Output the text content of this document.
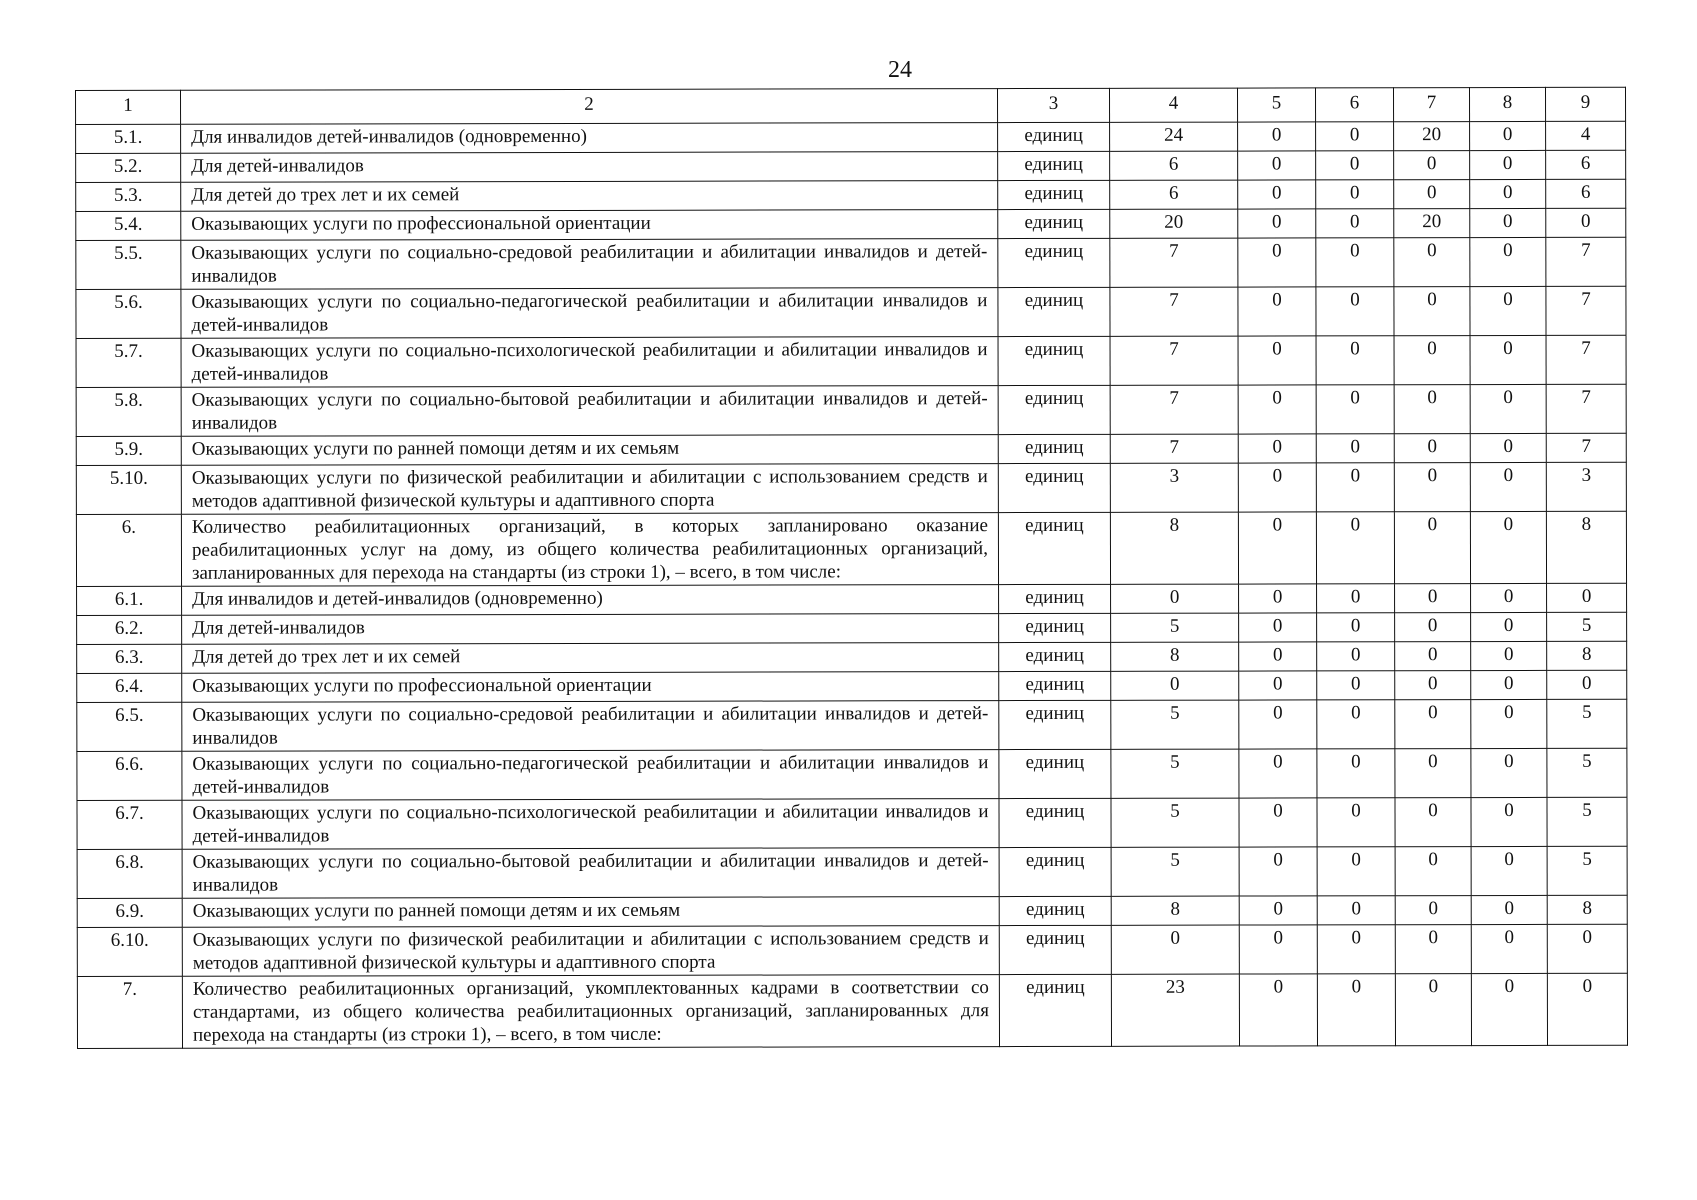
24
1	2	3	4	5	6	7	8	9
5.1.	Для инвалидов детей-инвалидов (одновременно)	единиц	24	0	0	20	0	4
5.2.	Для детей-инвалидов	единиц	6	0	0	0	0	6
5.3.	Для детей до трех лет и их семей	единиц	6	0	0	0	0	6
5.4.	Оказывающих услуги по профессиональной ориентации	единиц	20	0	0	20	0	0
5.5.	Оказывающих услуги по социально-средовой реабилитации и абилитации инвалидов и детей-инвалидов	единиц	7	0	0	0	0	7
5.6.	Оказывающих услуги по социально-педагогической реабилитации и абилитации инвалидов и детей-инвалидов	единиц	7	0	0	0	0	7
5.7.	Оказывающих услуги по социально-психологической реабилитации и абилитации инвалидов и детей-инвалидов	единиц	7	0	0	0	0	7
5.8.	Оказывающих услуги по социально-бытовой реабилитации и абилитации инвалидов и детей-инвалидов	единиц	7	0	0	0	0	7
5.9.	Оказывающих услуги по ранней помощи детям и их семьям	единиц	7	0	0	0	0	7
5.10.	Оказывающих услуги по физической реабилитации и абилитации с использованием средств и методов адаптивной физической культуры и адаптивного спорта	единиц	3	0	0	0	0	3
6.	Количество реабилитационных организаций, в которых запланировано оказание реабилитационных услуг на дому, из общего количества реабилитационных организаций, запланированных для перехода на стандарты (из строки 1), – всего, в том числе:	единиц	8	0	0	0	0	8
6.1.	Для инвалидов и детей-инвалидов (одновременно)	единиц	0	0	0	0	0	0
6.2.	Для детей-инвалидов	единиц	5	0	0	0	0	5
6.3.	Для детей до трех лет и их семей	единиц	8	0	0	0	0	8
6.4.	Оказывающих услуги по профессиональной ориентации	единиц	0	0	0	0	0	0
6.5.	Оказывающих услуги по социально-средовой реабилитации и абилитации инвалидов и детей-инвалидов	единиц	5	0	0	0	0	5
6.6.	Оказывающих услуги по социально-педагогической реабилитации и абилитации инвалидов и детей-инвалидов	единиц	5	0	0	0	0	5
6.7.	Оказывающих услуги по социально-психологической реабилитации и абилитации инвалидов и детей-инвалидов	единиц	5	0	0	0	0	5
6.8.	Оказывающих услуги по социально-бытовой реабилитации и абилитации инвалидов и детей-инвалидов	единиц	5	0	0	0	0	5
6.9.	Оказывающих услуги по ранней помощи детям и их семьям	единиц	8	0	0	0	0	8
6.10.	Оказывающих услуги по физической реабилитации и абилитации с использованием средств и методов адаптивной физической культуры и адаптивного спорта	единиц	0	0	0	0	0	0
7.	Количество реабилитационных организаций, укомплектованных кадрами в соответствии со стандартами, из общего количества реабилитационных организаций, запланированных для перехода на стандарты (из строки 1), – всего, в том числе:	единиц	23	0	0	0	0	0
